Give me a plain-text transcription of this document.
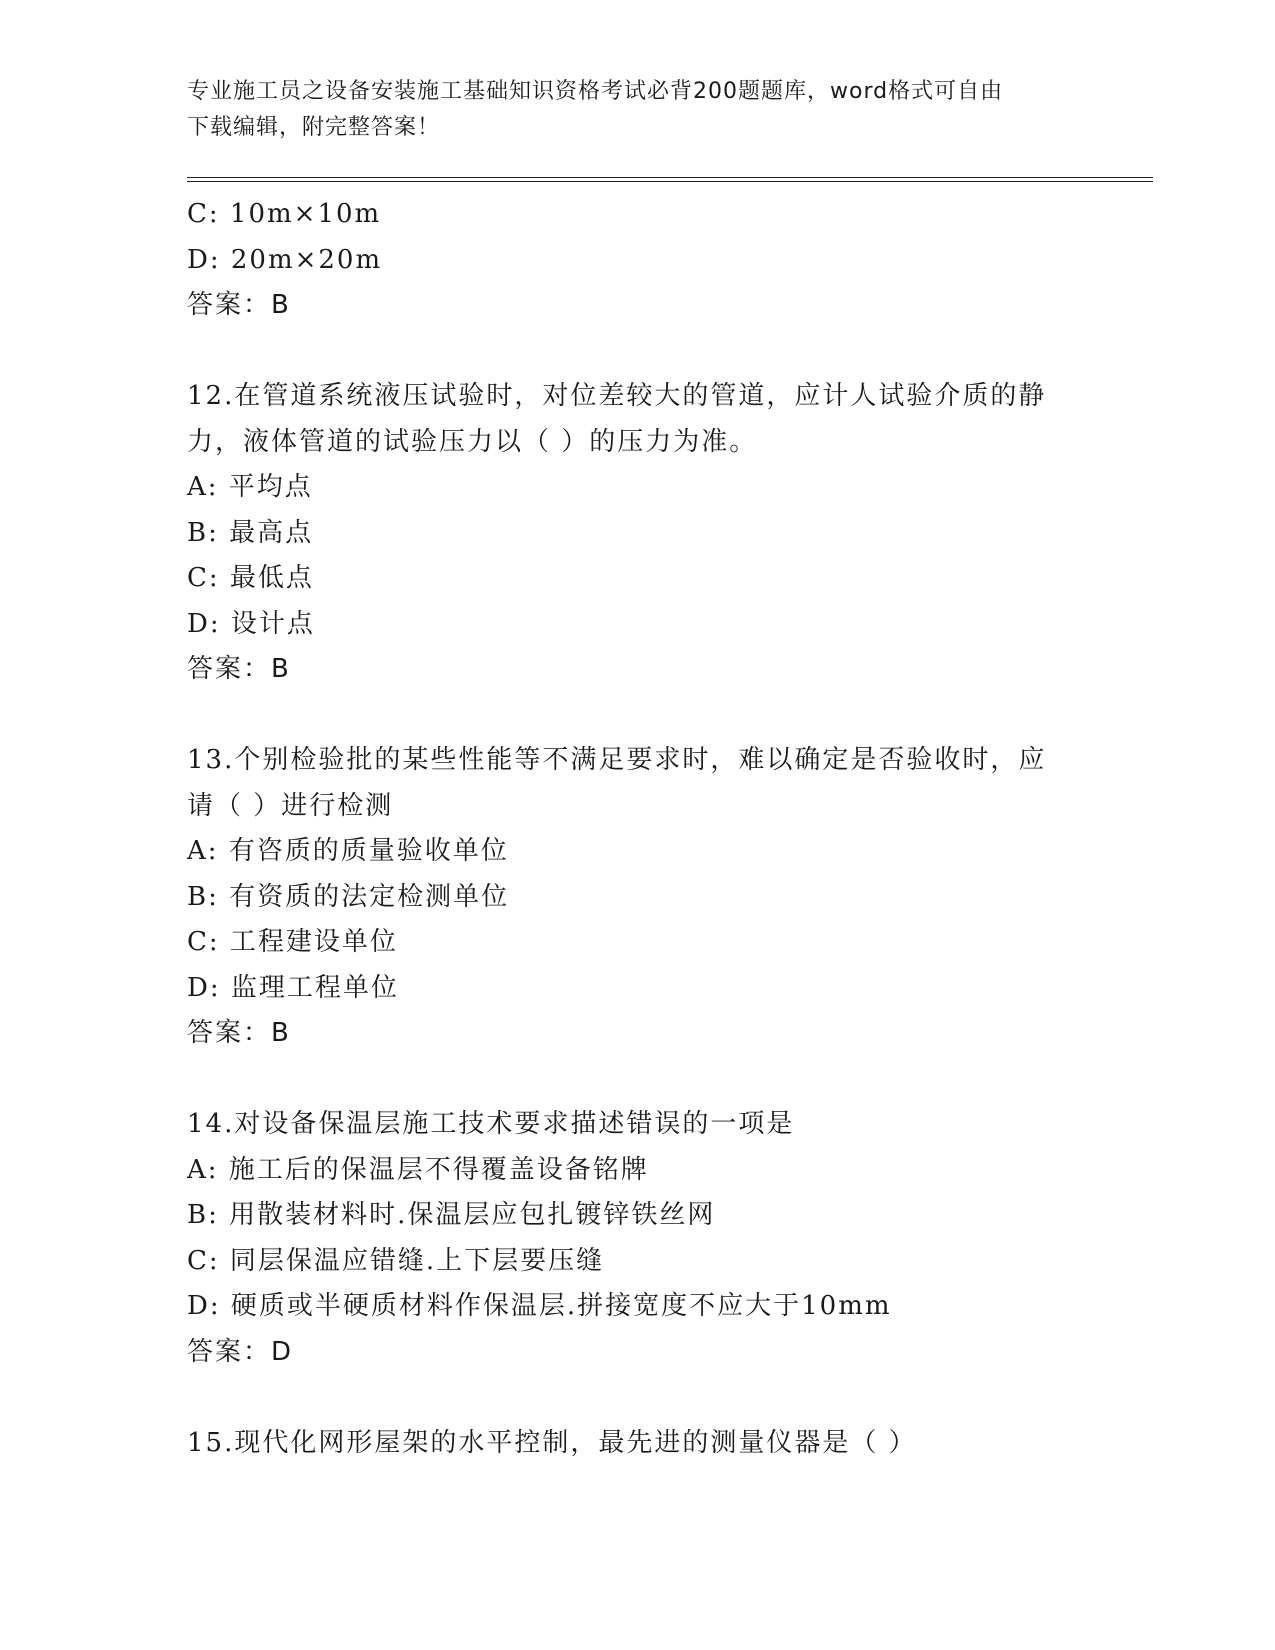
专业施工员之设备安装施工基础知识资格考试必背200题题库，word格式可自由
下载编辑，附完整答案！
C: 10m×10m
D: 20m×20m
答案：B
12.在管道系统液压试验时，对位差较大的管道，应计人试验介质的静
力，液体管道的试验压力以（ ）的压力为准。
A: 平均点
B: 最高点
C: 最低点
D: 设计点
答案：B
13.个别检验批的某些性能等不满足要求时，难以确定是否验收时，应
请（ ）进行检测
A: 有咨质的质量验收单位
B: 有资质的法定检测单位
C: 工程建设单位
D: 监理工程单位
答案：B
14.对设备保温层施工技术要求描述错误的一项是
A: 施工后的保温层不得覆盖设备铭牌
B: 用散装材料时.保温层应包扎镀锌铁丝网
C: 同层保温应错缝.上下层要压缝
D: 硬质或半硬质材料作保温层.拼接宽度不应大于10mm
答案：D
15.现代化网形屋架的水平控制，最先进的测量仪器是（ ）
